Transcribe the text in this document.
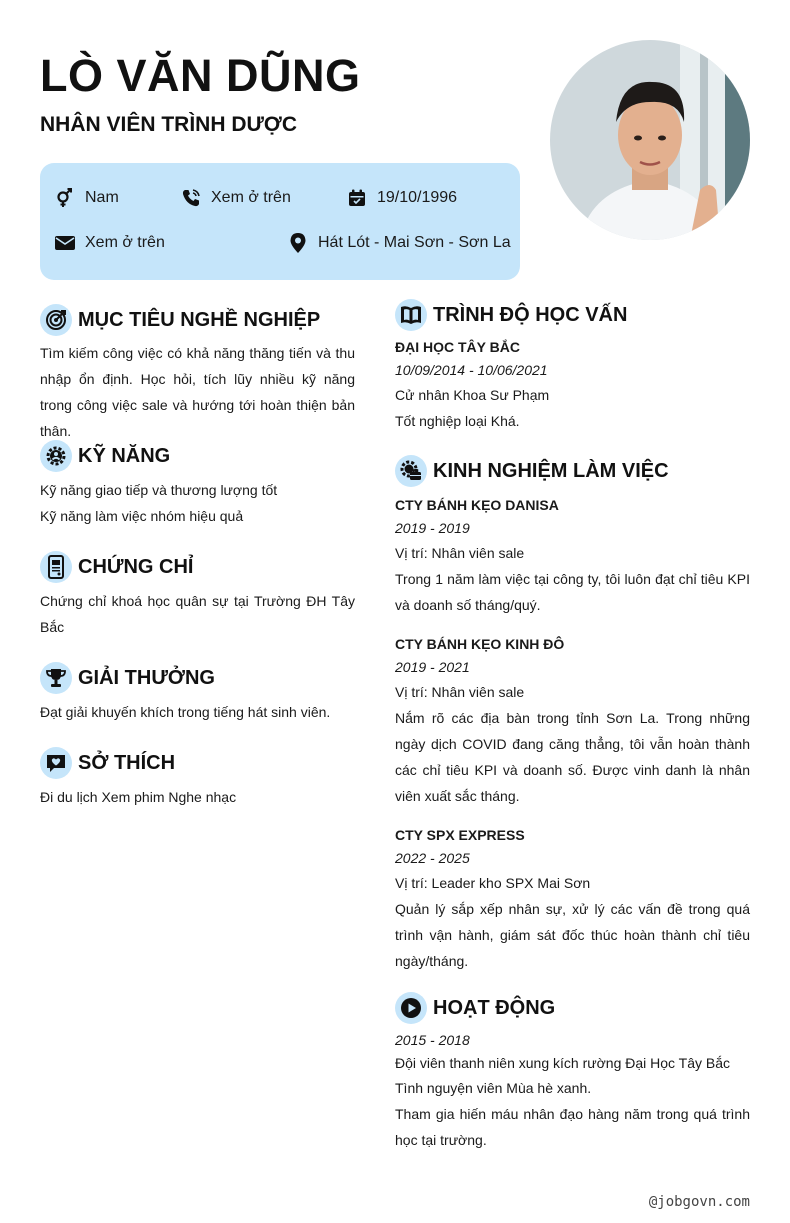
LÒ VĂN DŨNG
NHÂN VIÊN TRÌNH DƯỢC
Nam	Xem ở trên	19/10/1996
Xem ở trên	Hát Lót - Mai Sơn - Sơn La
MỤC TIÊU NGHỀ NGHIỆP

Tìm kiếm công việc có khả năng thăng tiến và thu nhập ổn định. Học hỏi, tích lũy nhiều kỹ năng trong công việc sale và hướng tới hoàn thiện bản thân.

KỸ NĂNG

Kỹ năng giao tiếp và thương lượng tốt

Kỹ năng làm việc nhóm hiệu quả

CHỨNG CHỈ

Chứng chỉ khoá học quân sự tại Trường ĐH Tây Bắc

GIẢI THƯỞNG

Đạt giải khuyến khích trong tiếng hát sinh viên.

SỞ THÍCH

Đi du lịch Xem phim Nghe nhạc

TRÌNH ĐỘ HỌC VẤN

ĐẠI HỌC TÂY BẮC

10/09/2014 - 10/06/2021

Cử nhân Khoa Sư Phạm

Tốt nghiệp loại Khá.

KINH NGHIỆM LÀM VIỆC

CTY BÁNH KẸO DANISA

2019 - 2019

Vị trí: Nhân viên sale

Trong 1 năm làm việc tại công ty, tôi luôn đạt chỉ tiêu KPI và doanh số tháng/quý.

CTY BÁNH KẸO KINH ĐÔ

2019 - 2021

Vị trí: Nhân viên sale

Nắm rõ các địa bàn trong tỉnh Sơn La. Trong những ngày dịch COVID đang căng thẳng, tôi vẫn hoàn thành các chỉ tiêu KPI và doanh số. Được vinh danh là nhân viên xuất sắc tháng.

CTY SPX EXPRESS

2022 - 2025

Vị trí: Leader kho SPX Mai Sơn

Quản lý sắp xếp nhân sự, xử lý các vấn đề trong quá trình vận hành, giám sát đốc thúc hoàn thành chỉ tiêu ngày/tháng.

HOẠT ĐỘNG

2015 - 2018

Đội viên thanh niên xung kích rường Đại Học Tây Bắc

Tình nguyện viên Mùa hè xanh.

Tham gia hiến máu nhân đạo hàng năm trong quá trình học tại trường.

@jobgovn.com
